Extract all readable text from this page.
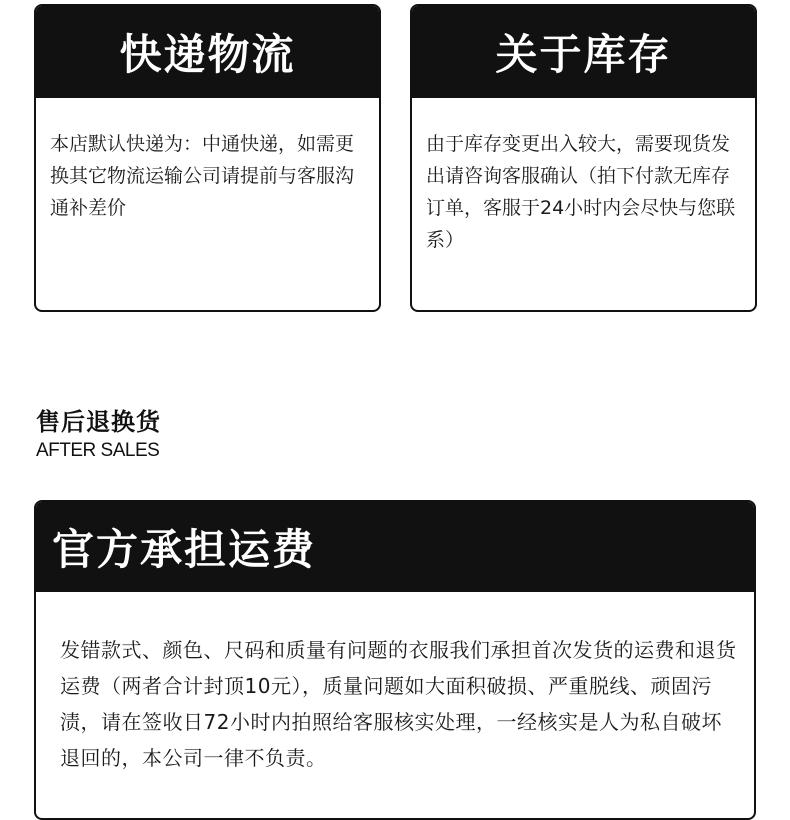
快递物流
本店默认快递为：中通快递，如需更换其它物流运输公司请提前与客服沟通补差价
关于库存
由于库存变更出入较大，需要现货发出请咨询客服确认（拍下付款无库存订单，客服于24小时内会尽快与您联系）
售后退换货
AFTER SALES
官方承担运费
发错款式、颜色、尺码和质量有问题的衣服我们承担首次发货的运费和退货运费（两者合计封顶10元），质量问题如大面积破损、严重脱线、顽固污渍，请在签收日72小时内拍照给客服核实处理，一经核实是人为私自破坏退回的，本公司一律不负责。
